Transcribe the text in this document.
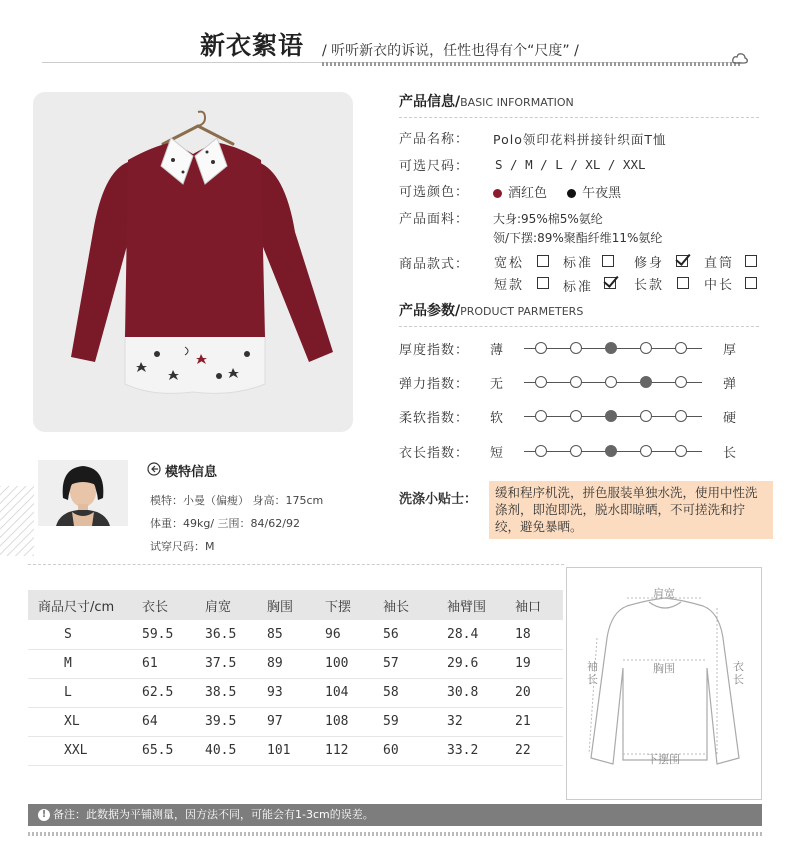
新衣絮语 / 听听新衣的诉说，任性也得有个“尺度” /
产品信息/BASIC INFORMATION
产品名称： Polo领印花料拼接针织面T恤
可选尺码： S / M / L / XL / XXL
可选颜色：	酒红色	午夜黑
产品面料： 大身:95%棉5%氨纶
领/下摆:89%聚酯纤维11%氨纶
商品款式： 宽松	标准	修身	直筒
短款	标准	长款	中长
产品参数/PRODUCT PARMETERS
厚度指数： 薄	厚
弹力指数： 无	弹
柔软指数： 软	硬
衣长指数： 短	长
模特信息
模特：小曼（偏瘦） 身高：175cm
体重：49kg/ 三围：84/62/92
试穿尺码：M
洗涤小贴士：	缓和程序机洗，拼色服装单独水洗，使用中性洗涤剂，即泡即洗，脱水即晾晒，不可搓洗和拧绞，避免暴晒。
商品尺寸/cm	衣长	肩宽	胸围	下摆	袖长	袖臂围	袖口
S	59.5	36.5	85	96	56	28.4	18
M	61	37.5	89	100	57	29.6	19
L	62.5	38.5	93	104	58	30.8	20
XL	64	39.5	97	108	59	32	21
XXL	65.5	40.5	101	112	60	33.2	22
肩宽
胸围
袖长
衣长
下摆围
! 备注：此数据为平铺测量，因方法不同，可能会有1-3cm的误差。
